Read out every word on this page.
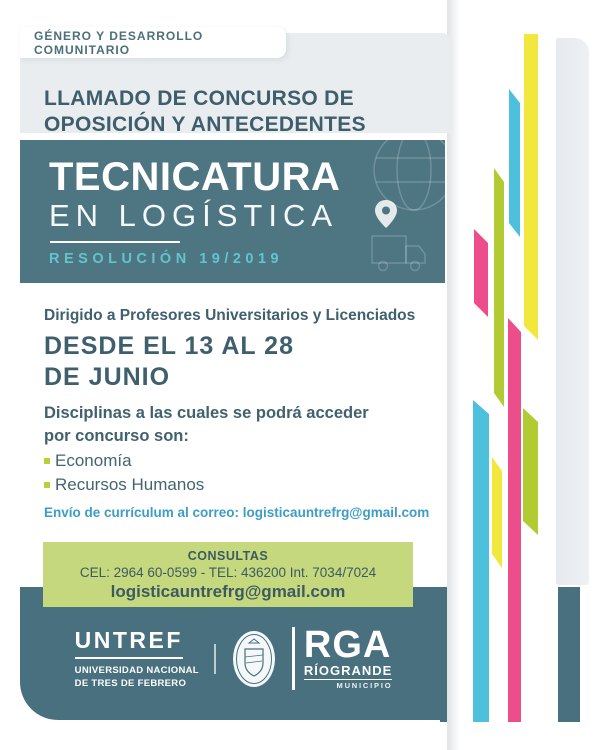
GÉNERO Y DESARROLLO COMUNITARIO
LLAMADO DE CONCURSO DE
OPOSICIÓN Y ANTECEDENTES
TECNICATURA
EN LOGÍSTICA
RESOLUCIÓN 19/2019
Dirigido a Profesores Universitarios y Licenciados
DESDE EL 13 AL 28
DE JUNIO
Disciplinas a las cuales se podrá acceder
por concurso son:
Economía
Recursos Humanos
Envío de currículum al correo: logisticauntrefrg@gmail.com
CONSULTAS
CEL: 2964 60-0599 - TEL: 436200 Int. 7034/7024
logisticauntrefrg@gmail.com
UNTREF
UNIVERSIDAD NACIONAL
DE TRES DE FEBRERO
RGA
RÍOGRANDE
MUNICIPIO
